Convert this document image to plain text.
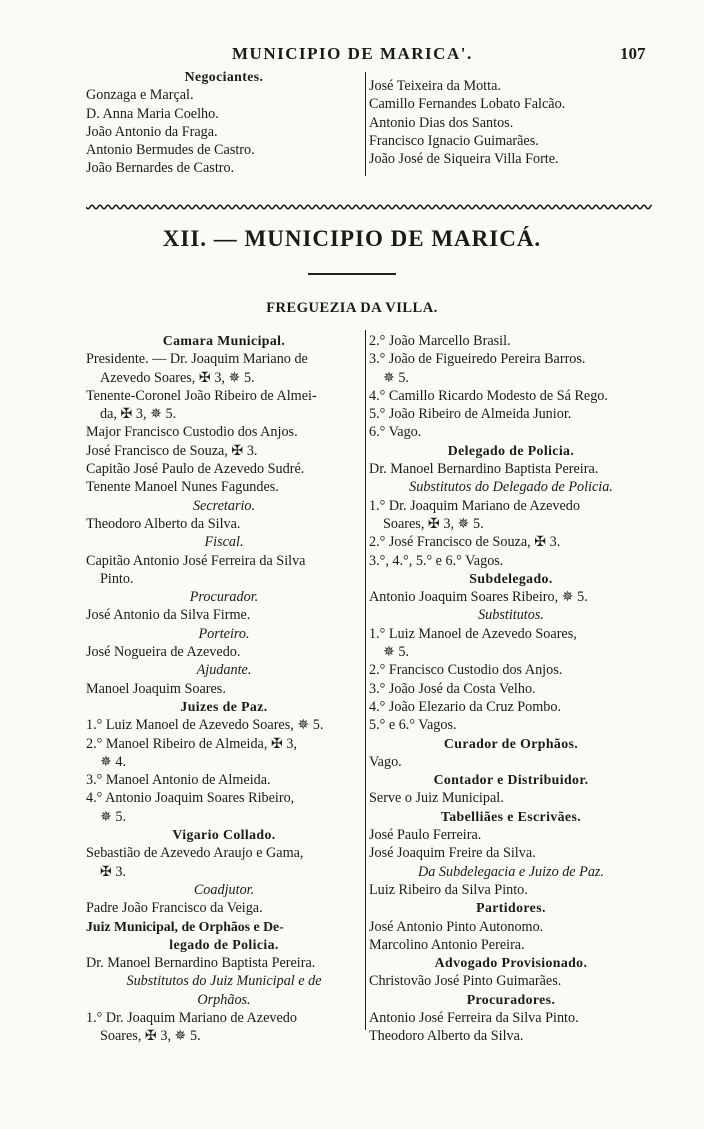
MUNICIPIO DE MARICA'.	107
Negociantes.
Gonzaga e Marçal.
D. Anna Maria Coelho.
João Antonio da Fraga.
Antonio Bermudes de Castro.
João Bernardes de Castro.
José Teixeira da Motta.
Camillo Fernandes Lobato Falcão.
Antonio Dias dos Santos.
Francisco Ignacio Guimarães.
João José de Siqueira Villa Forte.
XII. — MUNICIPIO DE MARICÁ.
FREGUEZIA DA VILLA.
Camara Municipal.
Presidente. — Dr. Joaquim Mariano de
Azevedo Soares, ✠ 3, ✵ 5.
Tenente-Coronel João Ribeiro de Almei-
da, ✠ 3, ✵ 5.
Major Francisco Custodio dos Anjos.
José Francisco de Souza, ✠ 3.
Capitão José Paulo de Azevedo Sudré.
Tenente Manoel Nunes Fagundes.
Secretario.
Theodoro Alberto da Silva.
Fiscal.
Capitão Antonio José Ferreira da Silva
Pinto.
Procurador.
José Antonio da Silva Firme.
Porteiro.
José Nogueira de Azevedo.
Ajudante.
Manoel Joaquim Soares.
Juizes de Paz.
1.° Luiz Manoel de Azevedo Soares, ✵ 5.
2.° Manoel Ribeiro de Almeida, ✠ 3,
✵ 4.
3.° Manoel Antonio de Almeida.
4.° Antonio Joaquim Soares Ribeiro,
✵ 5.
Vigario Collado.
Sebastião de Azevedo Araujo e Gama,
✠ 3.
Coadjutor.
Padre João Francisco da Veiga.
Juiz Municipal, de Orphãos e De-
legado de Policia.
Dr. Manoel Bernardino Baptista Pereira.
Substitutos do Juiz Municipal e de
Orphãos.
1.° Dr. Joaquim Mariano de Azevedo
Soares, ✠ 3, ✵ 5.
2.° João Marcello Brasil.
3.° João de Figueiredo Pereira Barros.
✵ 5.
4.° Camillo Ricardo Modesto de Sá Rego.
5.° João Ribeiro de Almeida Junior.
6.° Vago.
Delegado de Policia.
Dr. Manoel Bernardino Baptista Pereira.
Substitutos do Delegado de Policia.
1.° Dr. Joaquim Mariano de Azevedo
Soares, ✠ 3, ✵ 5.
2.° José Francisco de Souza, ✠ 3.
3.°, 4.°, 5.° e 6.° Vagos.
Subdelegado.
Antonio Joaquim Soares Ribeiro, ✵ 5.
Substitutos.
1.° Luiz Manoel de Azevedo Soares,
✵ 5.
2.° Francisco Custodio dos Anjos.
3.° João José da Costa Velho.
4.° João Elezario da Cruz Pombo.
5.° e 6.° Vagos.
Curador de Orphãos.
Vago.
Contador e Distribuidor.
Serve o Juiz Municipal.
Tabelliães e Escrivães.
José Paulo Ferreira.
José Joaquim Freire da Silva.
Da Subdelegacia e Juizo de Paz.
Luiz Ribeiro da Silva Pinto.
Partidores.
José Antonio Pinto Autonomo.
Marcolino Antonio Pereira.
Advogado Provisionado.
Christovão José Pinto Guimarães.
Procuradores.
Antonio José Ferreira da Silva Pinto.
Theodoro Alberto da Silva.
